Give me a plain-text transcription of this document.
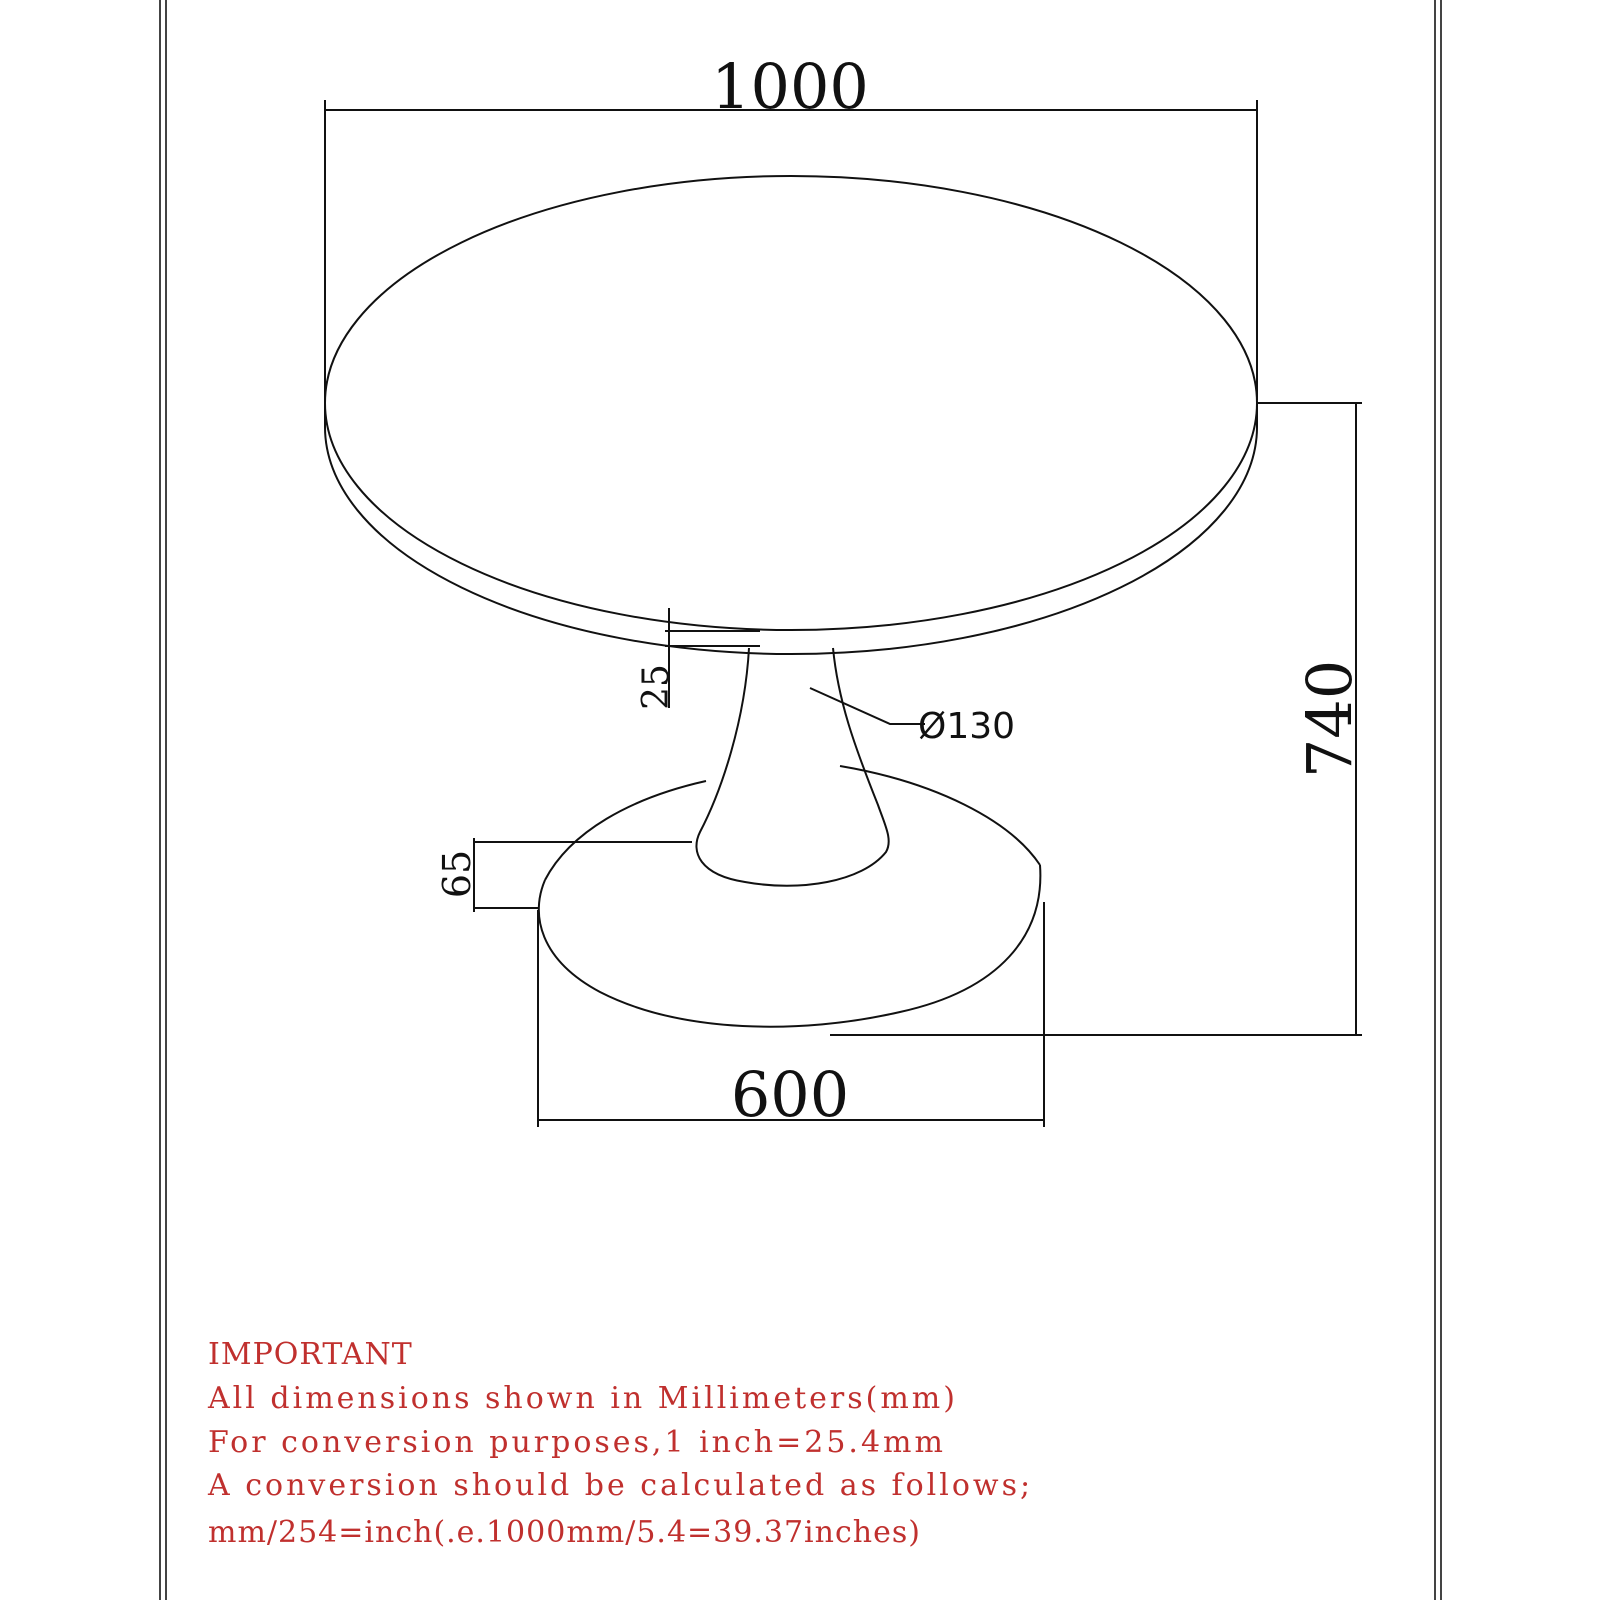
1000
740
600
25
65
Ø130
IMPORTANT
All dimensions shown in Millimeters(mm)
For conversion purposes,1 inch=25.4mm
A conversion should be calculated as follows;
mm/254=inch(.e.1000mm/5.4=39.37inches)
